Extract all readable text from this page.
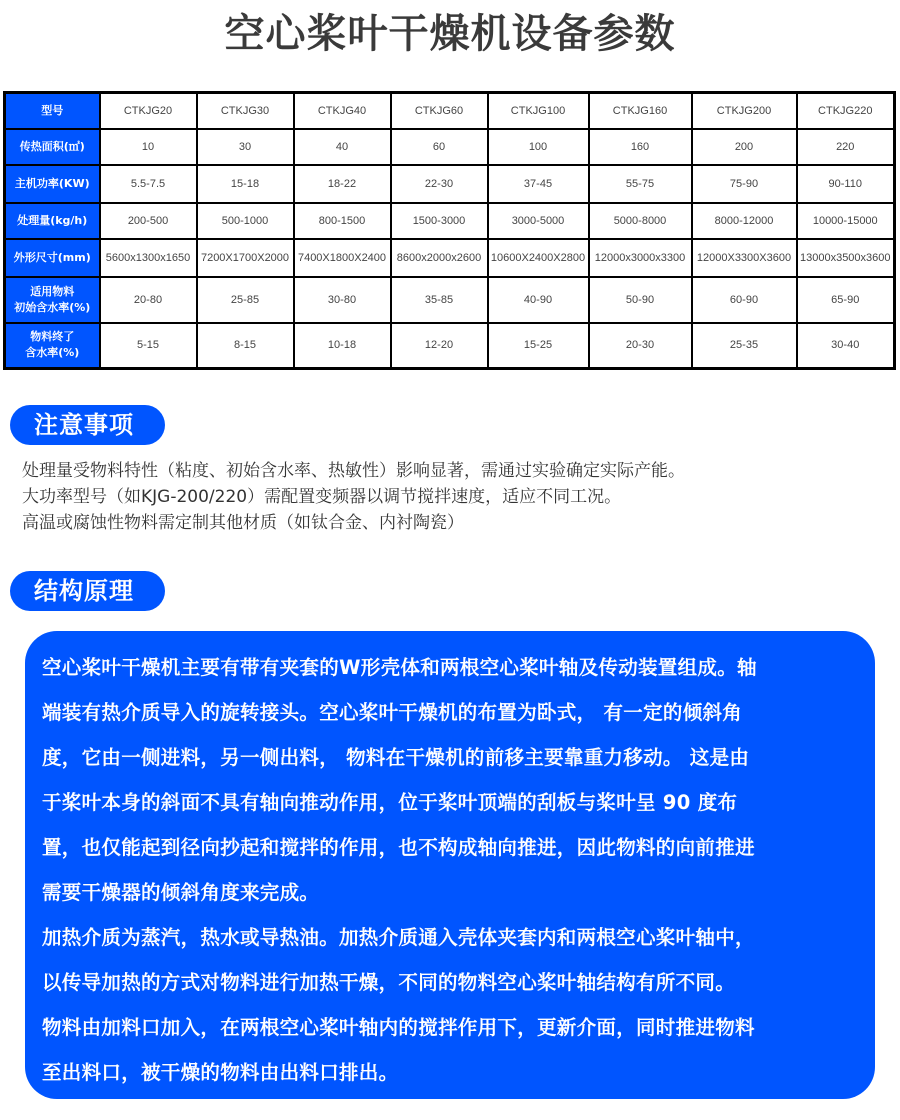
空心桨叶干燥机设备参数
型号	CTKJG20	CTKJG30	CTKJG40	CTKJG60	CTKJG100	CTKJG160	CTKJG200	CTKJG220
传热面积(㎡)	10	30	40	60	100	160	200	220
主机功率(KW)	5.5-7.5	15-18	18-22	22-30	37-45	55-75	75-90	90-110
处理量(kg/h)	200-500	500-1000	800-1500	1500-3000	3000-5000	5000-8000	8000-12000	10000-15000
外形尺寸(mm)	5600x1300x1650	7200X1700X2000	7400X1800X2400	8600x2000x2600	10600X2400X2800	12000x3000x3300	12000X3300X3600	13000x3500x3600

适用物料
初始含水率(%)	20-80	25-85	30-80	35-85	40-90	50-90	60-90	65-90

物料终了
含水率(%)	5-15	8-15	10-18	12-20	15-25	20-30	25-35	30-40
注意事项

处理量受物料特性（粘度、初始含水率、热敏性）影响显著，需通过实验确定实际产能。

大功率型号（如KJG-200/220）需配置变频器以调节搅拌速度，适应不同工况。

高温或腐蚀性物料需定制其他材质（如钛合金、内衬陶瓷）

结构原理

空心桨叶干燥机主要有带有夹套的W形壳体和两根空心桨叶轴及传动装置组成。轴

端装有热介质导入的旋转接头。空心桨叶干燥机的布置为卧式， 有一定的倾斜角

度，它由一侧进料，另一侧出料， 物料在干燥机的前移主要靠重力移动。 这是由

于桨叶本身的斜面不具有轴向推动作用，位于桨叶顶端的刮板与桨叶呈 90 度布

置，也仅能起到径向抄起和搅拌的作用，也不构成轴向推进，因此物料的向前推进

需要干燥器的倾斜角度来完成。

加热介质为蒸汽，热水或导热油。加热介质通入壳体夹套内和两根空心桨叶轴中，

以传导加热的方式对物料进行加热干燥，不同的物料空心桨叶轴结构有所不同。

物料由加料口加入，在两根空心桨叶轴内的搅拌作用下，更新介面，同时推进物料

至出料口，被干燥的物料由出料口排出。
